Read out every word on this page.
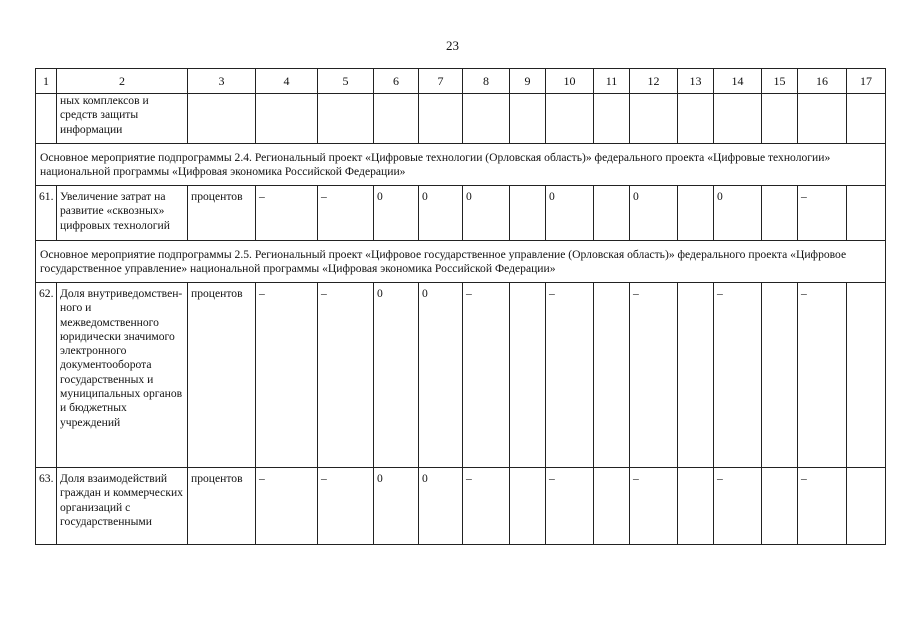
23
1	2	3	4	5	6	7	8	9	10	11	12	13	14	15	16	17
	ных комплексов и средств защиты информации															
Основное мероприятие подпрограммы 2.4. Региональный проект «Цифровые технологии (Орловская область)» федерального проекта «Цифровые технологии» национальной программы «Цифровая экономика Российской Федерации»																
61.	Увеличение затрат на развитие «сквозных» цифровых технологий	процентов	–	–	0	0	0		0		0		0		–	
Основное мероприятие подпрограммы 2.5. Региональный проект «Цифровое государственное управление (Орловская область)» федерального проекта «Цифровое государственное управление» национальной программы «Цифровая экономика Российской Федерации»																
62.	Доля внутриведомствен- ного и межведомственного юридически значимого электронного документооборота государственных и муниципальных органов и бюджетных учреждений	процентов	–	–	0	0	–		–		–		–		–	
63.	Доля взаимодействий граждан и коммерческих организаций с государственными	процентов	–	–	0	0	–		–		–		–		–	
